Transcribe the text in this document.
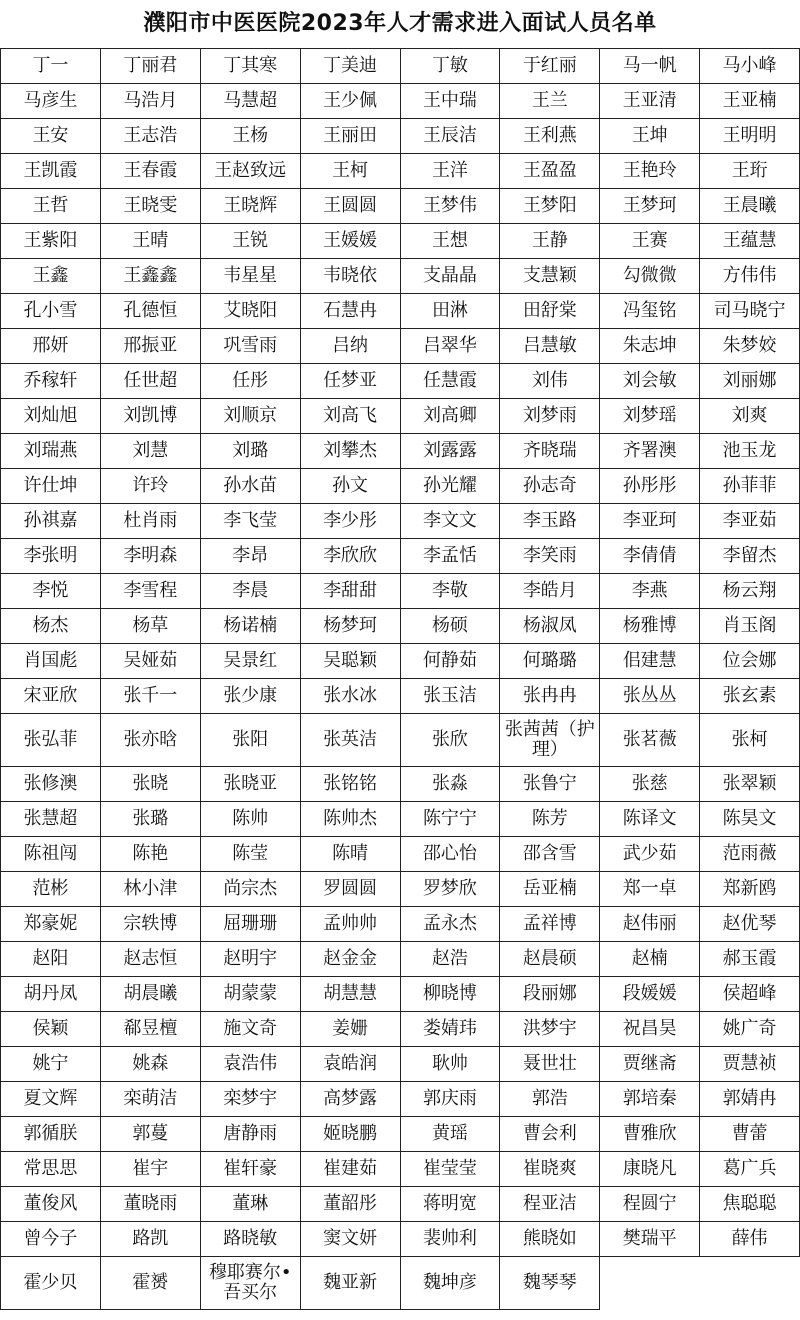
濮阳市中医医院2023年人才需求进入面试人员名单
丁一	丁丽君	丁其寒	丁美迪	丁敏	于红丽	马一帆	马小峰
马彦生	马浩月	马慧超	王少佩	王中瑞	王兰	王亚清	王亚楠
王安	王志浩	王杨	王丽田	王辰洁	王利燕	王坤	王明明
王凯霞	王春霞	王赵致远	王柯	王洋	王盈盈	王艳玲	王珩
王哲	王晓雯	王晓辉	王圆圆	王梦伟	王梦阳	王梦珂	王晨曦
王紫阳	王晴	王锐	王媛媛	王想	王静	王赛	王蕴慧
王鑫	王鑫鑫	韦星星	韦晓依	支晶晶	支慧颖	勾微微	方伟伟
孔小雪	孔德恒	艾晓阳	石慧冉	田淋	田舒棠	冯玺铭	司马晓宁
邢妍	邢振亚	巩雪雨	吕纳	吕翠华	吕慧敏	朱志坤	朱梦姣
乔稼轩	任世超	任彤	任梦亚	任慧霞	刘伟	刘会敏	刘丽娜
刘灿旭	刘凯博	刘顺京	刘高飞	刘高卿	刘梦雨	刘梦瑶	刘爽
刘瑞燕	刘慧	刘璐	刘攀杰	刘露露	齐晓瑞	齐署澳	池玉龙
许仕坤	许玲	孙水苗	孙文	孙光耀	孙志奇	孙彤彤	孙菲菲
孙祺嘉	杜肖雨	李飞莹	李少彤	李文文	李玉路	李亚珂	李亚茹
李张明	李明森	李昂	李欣欣	李孟恬	李笑雨	李倩倩	李留杰
李悦	李雪程	李晨	李甜甜	李敬	李皓月	李燕	杨云翔
杨杰	杨草	杨诺楠	杨梦珂	杨硕	杨淑凤	杨雅博	肖玉阁
肖国彪	吴娅茹	吴景红	吴聪颖	何静茹	何璐璐	佀建慧	位会娜
宋亚欣	张千一	张少康	张水冰	张玉洁	张冉冉	张丛丛	张玄素
张弘菲	张亦晗	张阳	张英洁	张欣	张茜茜（护理）	张茗薇	张柯
张修澳	张晓	张晓亚	张铭铭	张淼	张鲁宁	张慈	张翠颖
张慧超	张璐	陈帅	陈帅杰	陈宁宁	陈芳	陈译文	陈昊文
陈祖闯	陈艳	陈莹	陈晴	邵心怡	邵含雪	武少茹	范雨薇
范彬	林小津	尚宗杰	罗圆圆	罗梦欣	岳亚楠	郑一卓	郑新鸥
郑豪妮	宗轶博	屈珊珊	孟帅帅	孟永杰	孟祥博	赵伟丽	赵优琴
赵阳	赵志恒	赵明宇	赵金金	赵浩	赵晨硕	赵楠	郝玉霞
胡丹凤	胡晨曦	胡蒙蒙	胡慧慧	柳晓博	段丽娜	段媛媛	侯超峰
侯颖	郗昱檀	施文奇	姜姗	娄婧玮	洪梦宇	祝昌昊	姚广奇
姚宁	姚森	袁浩伟	袁皓润	耿帅	聂世壮	贾继斋	贾慧祯
夏文辉	栾萌洁	栾梦宇	高梦露	郭庆雨	郭浩	郭培秦	郭婧冉
郭循朕	郭蔓	唐静雨	姬晓鹏	黄瑶	曹会利	曹雅欣	曹蕾
常思思	崔宇	崔轩豪	崔建茹	崔莹莹	崔晓爽	康晓凡	葛广兵
董俊风	董晓雨	董琳	董韶彤	蒋明宽	程亚洁	程圆宁	焦聪聪
曾今子	路凯	路晓敏	窦文妍	裴帅利	熊晓如	樊瑞平	薛伟
霍少贝	霍赟	穆耶赛尔•吾买尔	魏亚新	魏坤彦	魏琴琴		
